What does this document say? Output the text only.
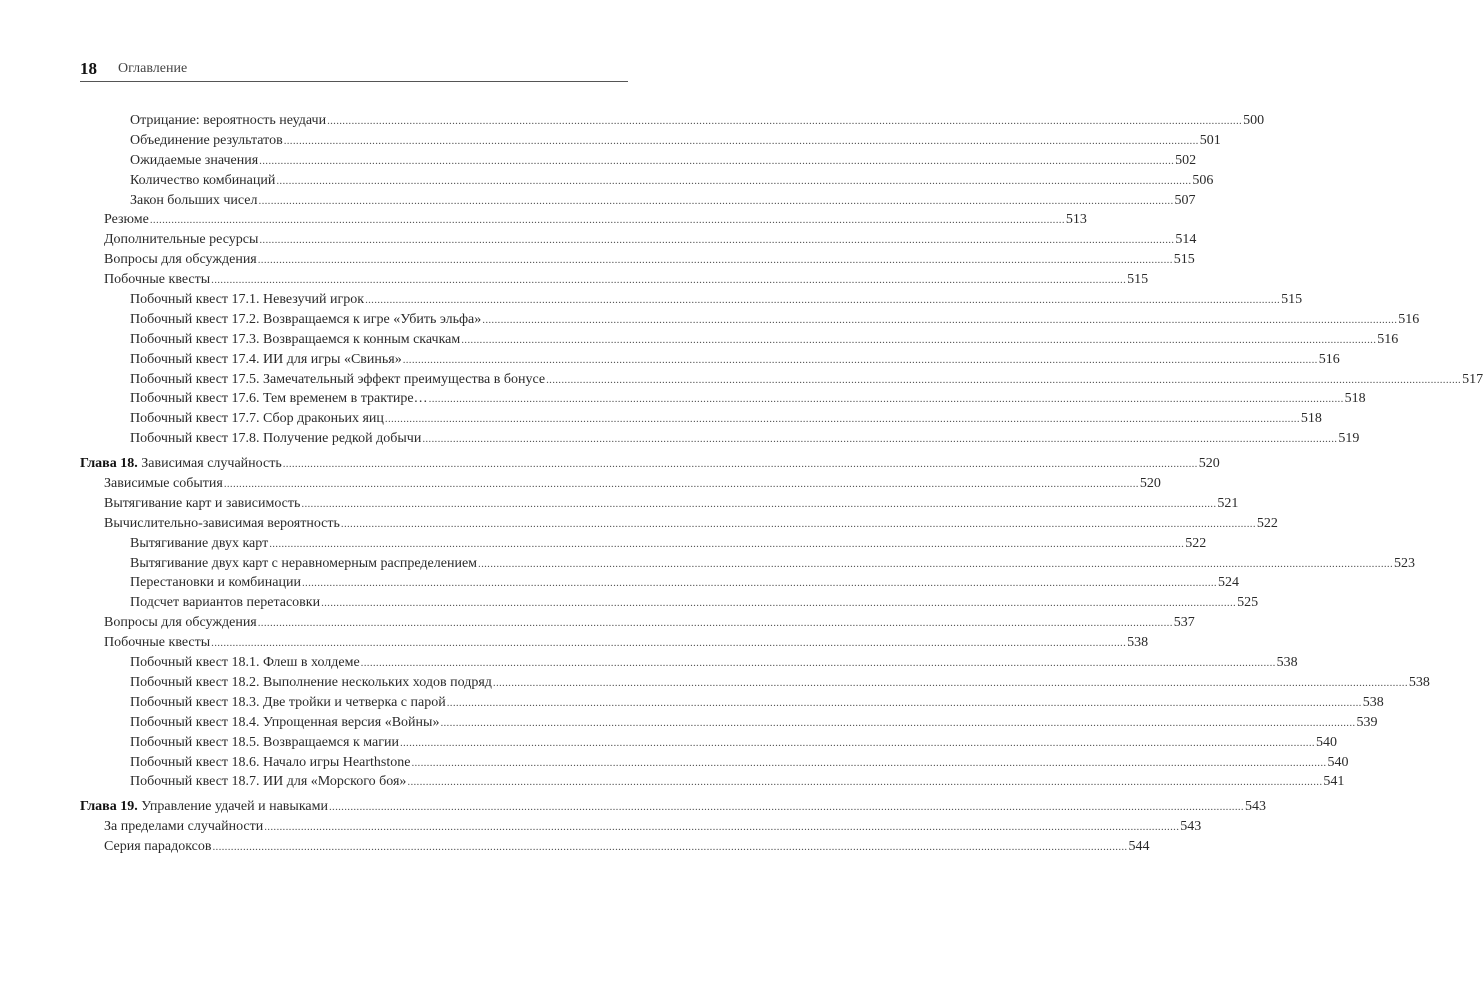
18 Оглавление
Отрицание: вероятность неудачи ............................................................................................................................................................................................................................................................................................................ 500
Объединение результатов ............................................................................................................................................................................................................................................................................................................ 501
Ожидаемые значения ............................................................................................................................................................................................................................................................................................................ 502
Количество комбинаций ............................................................................................................................................................................................................................................................................................................ 506
Закон больших чисел ............................................................................................................................................................................................................................................................................................................ 507
Резюме ............................................................................................................................................................................................................................................................................................................ 513
Дополнительные ресурсы ............................................................................................................................................................................................................................................................................................................ 514
Вопросы для обсуждения ............................................................................................................................................................................................................................................................................................................ 515
Побочные квесты ............................................................................................................................................................................................................................................................................................................ 515
Побочный квест 17.1. Невезучий игрок ............................................................................................................................................................................................................................................................................................................ 515
Побочный квест 17.2. Возвращаемся к игре «Убить эльфа» ............................................................................................................................................................................................................................................................................................................ 516
Побочный квест 17.3. Возвращаемся к конным скачкам ............................................................................................................................................................................................................................................................................................................ 516
Побочный квест 17.4. ИИ для игры «Свинья» ............................................................................................................................................................................................................................................................................................................ 516
Побочный квест 17.5. Замечательный эффект преимущества в бонусе ............................................................................................................................................................................................................................................................................................................ 517
Побочный квест 17.6. Тем временем в трактире… ............................................................................................................................................................................................................................................................................................................ 518
Побочный квест 17.7. Сбор драконьих яиц ............................................................................................................................................................................................................................................................................................................ 518
Побочный квест 17.8. Получение редкой добычи ............................................................................................................................................................................................................................................................................................................ 519
Глава 18. Зависимая случайность ............................................................................................................................................................................................................................................................................................................ 520
Зависимые события ............................................................................................................................................................................................................................................................................................................ 520
Вытягивание карт и зависимость ............................................................................................................................................................................................................................................................................................................ 521
Вычислительно-зависимая вероятность ............................................................................................................................................................................................................................................................................................................ 522
Вытягивание двух карт ............................................................................................................................................................................................................................................................................................................ 522
Вытягивание двух карт с неравномерным распределением ............................................................................................................................................................................................................................................................................................................ 523
Перестановки и комбинации ............................................................................................................................................................................................................................................................................................................ 524
Подсчет вариантов перетасовки ............................................................................................................................................................................................................................................................................................................ 525
Вопросы для обсуждения ............................................................................................................................................................................................................................................................................................................ 537
Побочные квесты ............................................................................................................................................................................................................................................................................................................ 538
Побочный квест 18.1. Флеш в холдеме ............................................................................................................................................................................................................................................................................................................ 538
Побочный квест 18.2. Выполнение нескольких ходов подряд ............................................................................................................................................................................................................................................................................................................ 538
Побочный квест 18.3. Две тройки и четверка с парой ............................................................................................................................................................................................................................................................................................................ 538
Побочный квест 18.4. Упрощенная версия «Войны» ............................................................................................................................................................................................................................................................................................................ 539
Побочный квест 18.5. Возвращаемся к магии ............................................................................................................................................................................................................................................................................................................ 540
Побочный квест 18.6. Начало игры Hearthstone ............................................................................................................................................................................................................................................................................................................ 540
Побочный квест 18.7. ИИ для «Морского боя» ............................................................................................................................................................................................................................................................................................................ 541
Глава 19. Управление удачей и навыками ............................................................................................................................................................................................................................................................................................................ 543
За пределами случайности ............................................................................................................................................................................................................................................................................................................ 543
Серия парадоксов ............................................................................................................................................................................................................................................................................................................ 544
